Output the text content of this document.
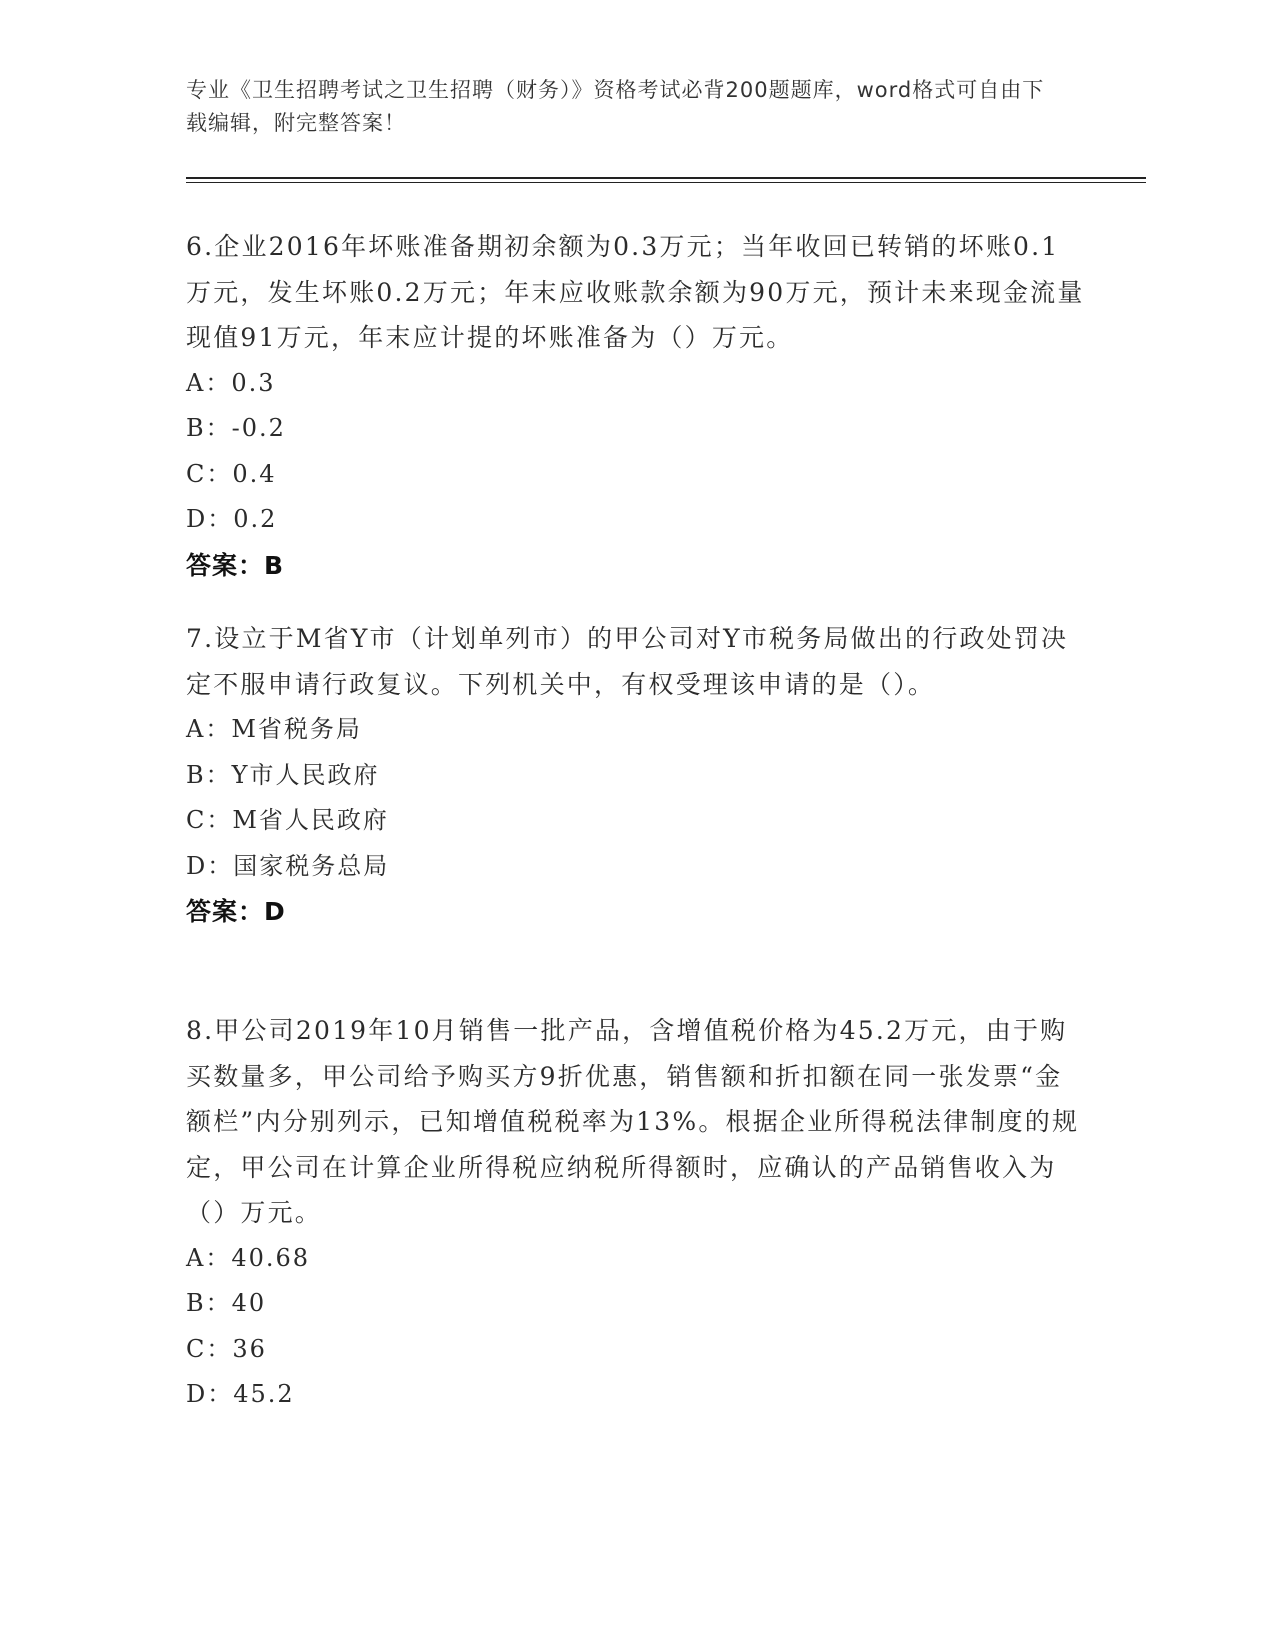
专业《卫生招聘考试之卫生招聘（财务）》资格考试必背200题题库，word格式可自由下载编辑，附完整答案！

6.企业2016年坏账准备期初余额为0.3万元；当年收回已转销的坏账0.1万元，发生坏账0.2万元；年末应收账款余额为90万元，预计未来现金流量现值91万元，年末应计提的坏账准备为（）万元。

A：0.3
B：-0.2
C：0.4
D：0.2
答案：B

7.设立于M省Y市（计划单列市）的甲公司对Y市税务局做出的行政处罚决定不服申请行政复议。下列机关中，有权受理该申请的是（）。

A：M省税务局
B：Y市人民政府
C：M省人民政府
D：国家税务总局
答案：D

8.甲公司2019年10月销售一批产品，含增值税价格为45.2万元，由于购买数量多，甲公司给予购买方9折优惠，销售额和折扣额在同一张发票“金额栏”内分别列示，已知增值税税率为13%。根据企业所得税法律制度的规定，甲公司在计算企业所得税应纳税所得额时，应确认的产品销售收入为（）万元。

A：40.68
B：40
C：36
D：45.2
